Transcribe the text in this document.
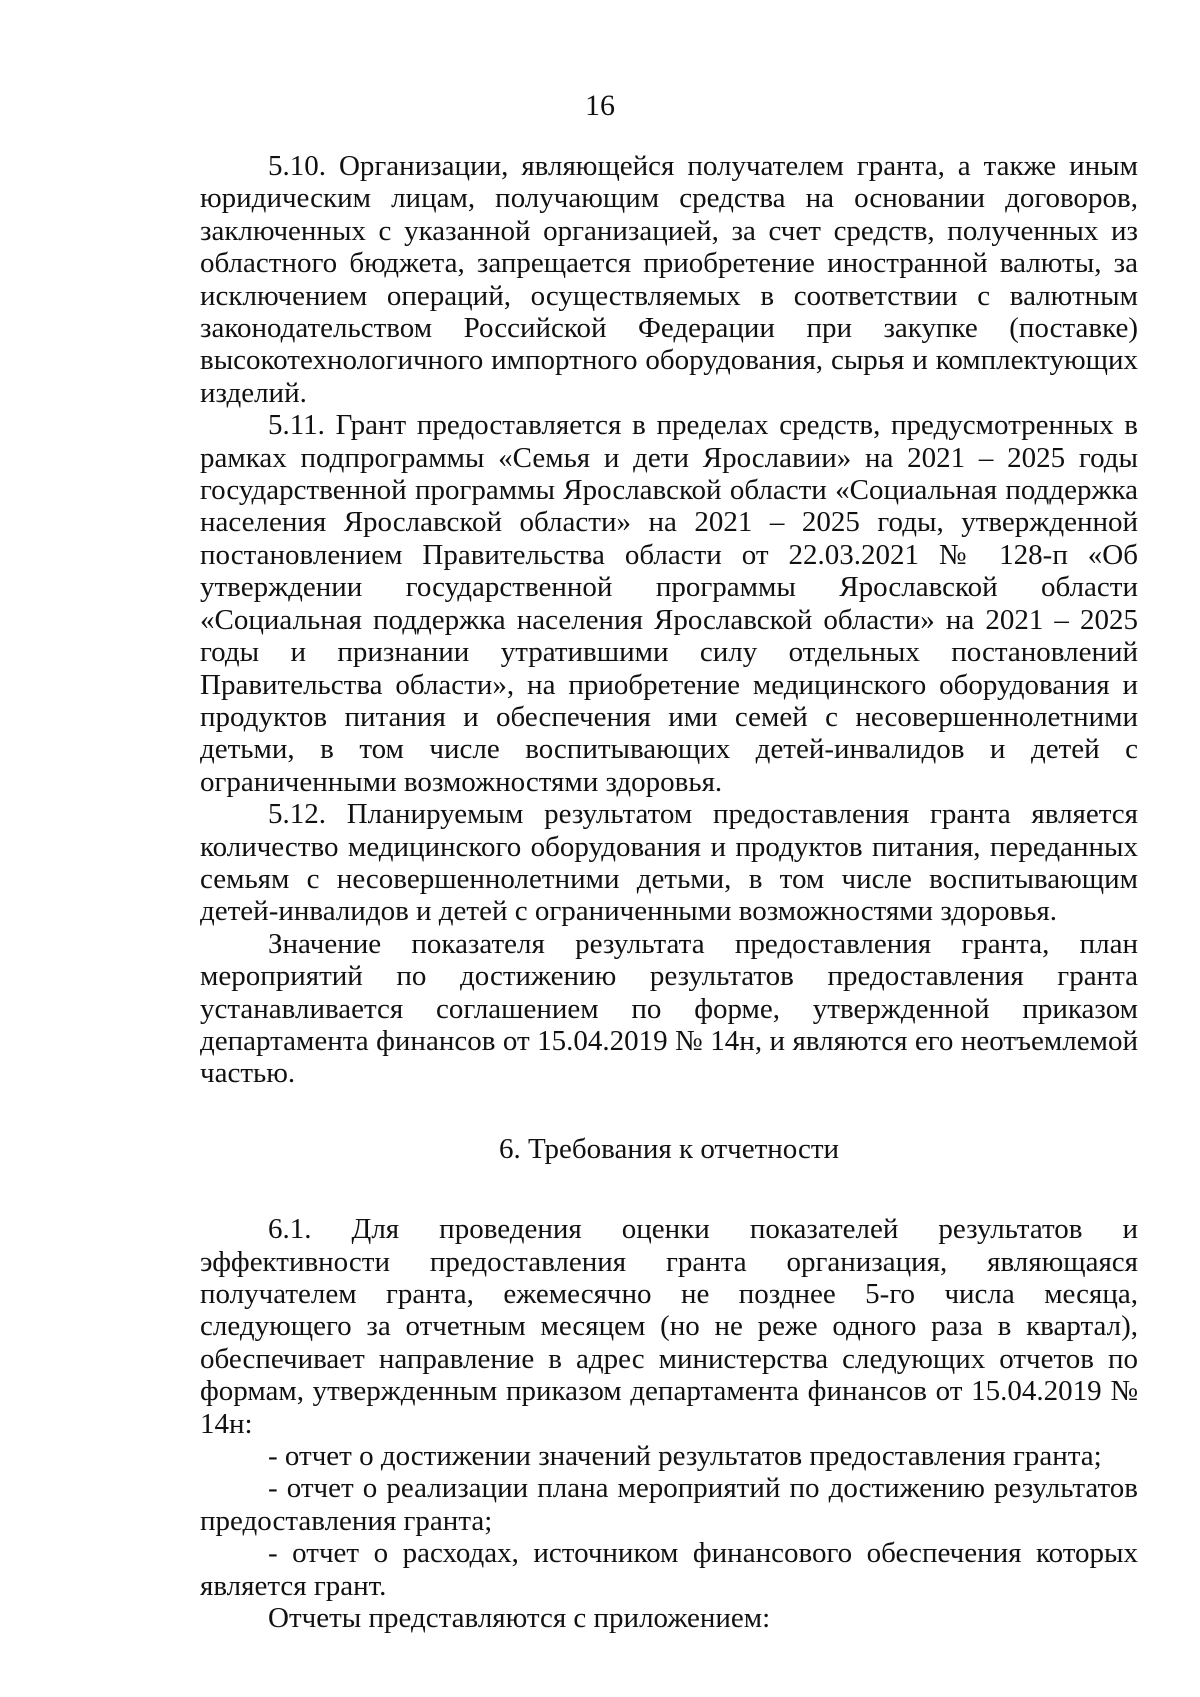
16

5.10. Организации, являющейся получателем гранта, а также иным юридическим лицам, получающим средства на основании договоров, заключенных с указанной организацией, за счет средств, полученных из областного бюджета, запрещается приобретение иностранной валюты, за исключением операций, осуществляемых в соответствии с валютным законодательством Российской Федерации при закупке (поставке) высокотехнологичного импортного оборудования, сырья и комплектующих изделий.

5.11. Грант предоставляется в пределах средств, предусмотренных в рамках подпрограммы «Семья и дети Ярославии» на 2021 – 2025 годы государственной программы Ярославской области «Социальная поддержка населения Ярославской области» на 2021 – 2025 годы, утвержденной постановлением Правительства области от 22.03.2021 № 128-п «Об утверждении государственной программы Ярославской области «Социальная поддержка населения Ярославской области» на 2021 – 2025 годы и признании утратившими силу отдельных постановлений Правительства области», на приобретение медицинского оборудования и продуктов питания и обеспечения ими семей с несовершеннолетними детьми, в том числе воспитывающих детей-инвалидов и детей с ограниченными возможностями здоровья.

5.12. Планируемым результатом предоставления гранта является количество медицинского оборудования и продуктов питания, переданных семьям с несовершеннолетними детьми, в том числе воспитывающим детей-инвалидов и детей с ограниченными возможностями здоровья.

Значение показателя результата предоставления гранта, план мероприятий по достижению результатов предоставления гранта устанавливается соглашением по форме, утвержденной приказом департамента финансов от 15.04.2019 № 14н, и являются его неотъемлемой частью.

6. Требования к отчетности

6.1. Для проведения оценки показателей результатов и эффективности предоставления гранта организация, являющаяся получателем гранта, ежемесячно не позднее 5-го числа месяца, следующего за отчетным месяцем (но не реже одного раза в квартал), обеспечивает направление в адрес министерства следующих отчетов по формам, утвержденным приказом департамента финансов от 15.04.2019 № 14н:

- отчет о достижении значений результатов предоставления гранта;

- отчет о реализации плана мероприятий по достижению результатов предоставления гранта;

- отчет о расходах, источником финансового обеспечения которых является грант.

Отчеты представляются с приложением:
